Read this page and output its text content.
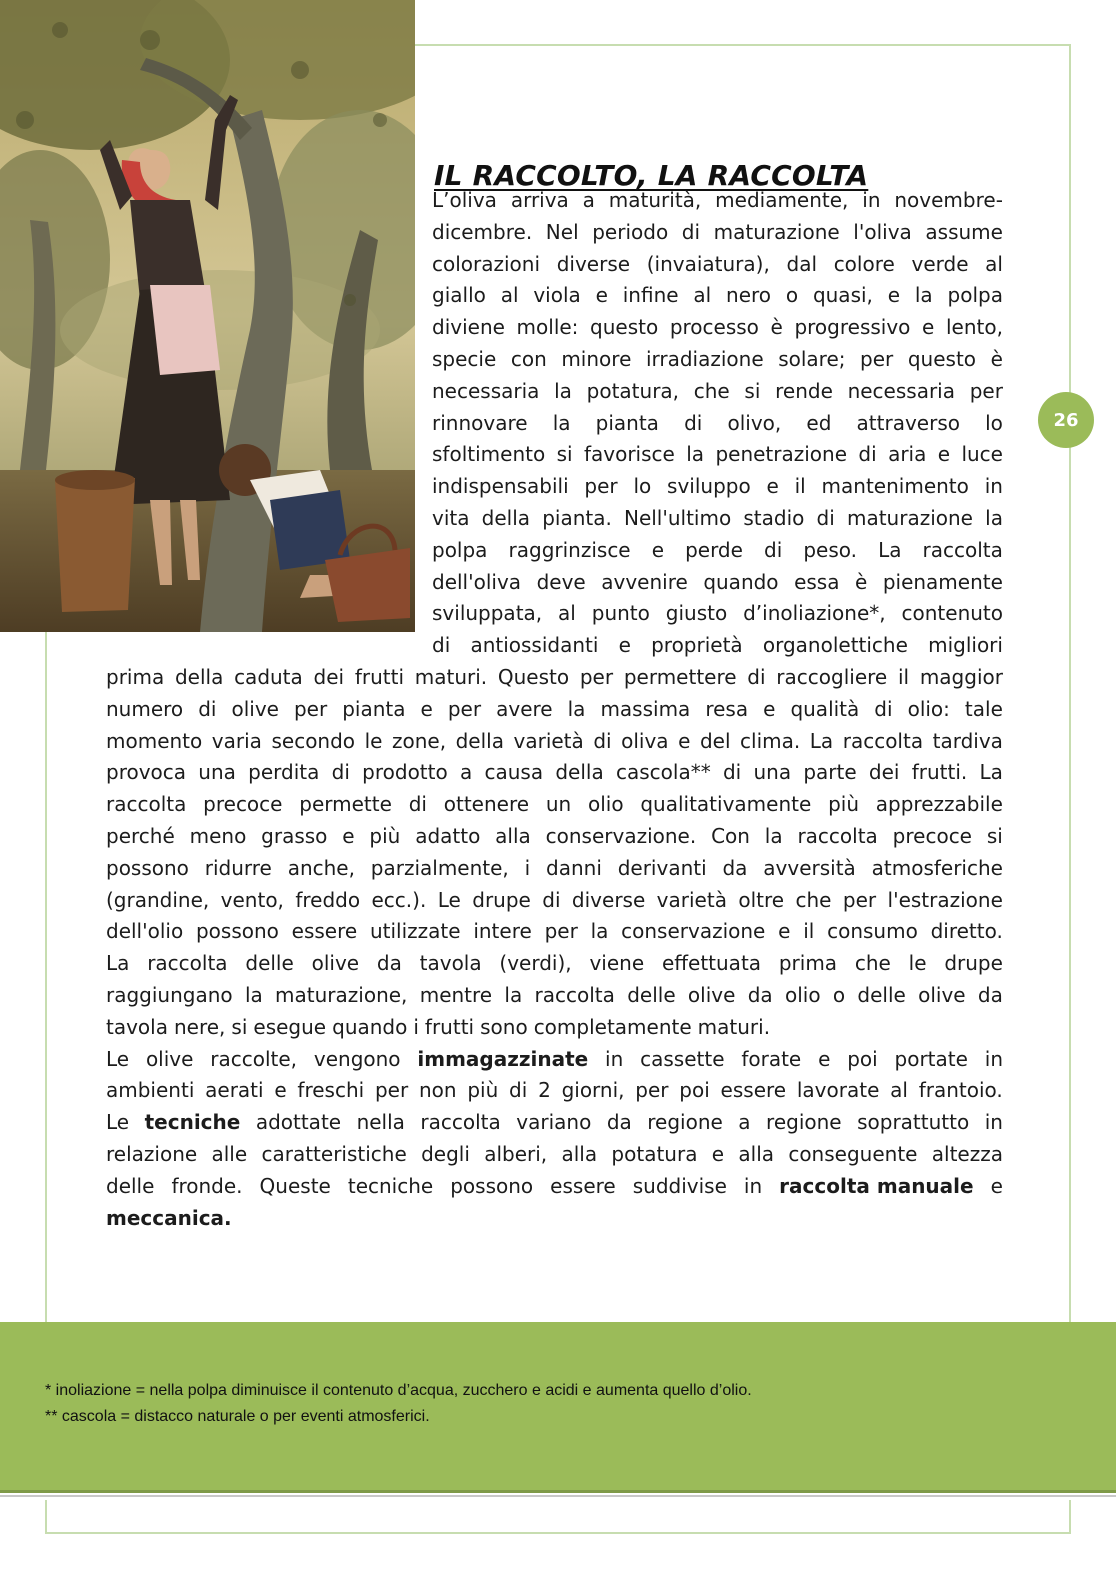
IL RACCOLTO, LA RACCOLTA
L’oliva arriva a maturità, mediamente, in novembre-
dicembre. Nel periodo di maturazione l'oliva assume
colorazioni diverse (invaiatura), dal colore verde al
giallo al viola e infine al nero o quasi, e la polpa
diviene molle: questo processo è progressivo e lento,
specie con minore irradiazione solare; per questo è
necessaria la potatura, che si rende necessaria per
rinnovare la pianta di olivo, ed attraverso lo
sfoltimento si favorisce la penetrazione di aria e luce
indispensabili per lo sviluppo e il mantenimento in
vita della pianta. Nell'ultimo stadio di maturazione la
polpa raggrinzisce e perde di peso. La raccolta
dell'oliva deve avvenire quando essa è pienamente
sviluppata, al punto giusto d’inoliazione*, contenuto
di antiossidanti e proprietà organolettiche migliori
prima della caduta dei frutti maturi. Questo per permettere di raccogliere il maggior
numero di olive per pianta e per avere la massima resa e qualità di olio: tale
momento varia secondo le zone, della varietà di oliva e del clima. La raccolta tardiva
provoca una perdita di prodotto a causa della cascola** di una parte dei frutti. La
raccolta precoce permette di ottenere un olio qualitativamente più apprezzabile
perché meno grasso e più adatto alla conservazione. Con la raccolta precoce si
possono ridurre anche, parzialmente, i danni derivanti da avversità atmosferiche
(grandine, vento, freddo ecc.). Le drupe di diverse varietà oltre che per l'estrazione
dell'olio possono essere utilizzate intere per la conservazione e il consumo diretto.
La raccolta delle olive da tavola (verdi), viene effettuata prima che le drupe
raggiungano la maturazione, mentre la raccolta delle olive da olio o delle olive da
tavola nere, si esegue quando i frutti sono completamente maturi.
Le olive raccolte, vengono immagazzinate in cassette forate e poi portate in
ambienti aerati e freschi per non più di 2 giorni, per poi essere lavorate al frantoio.
Le tecniche adottate nella raccolta variano da regione a regione soprattutto in
relazione alle caratteristiche degli alberi, alla potatura e alla conseguente altezza
delle fronde. Queste tecniche possono essere suddivise in raccolta manuale e
meccanica.
26
* inoliazione = nella polpa diminuisce il contenuto d’acqua, zucchero e acidi e aumenta quello d’olio.
** cascola = distacco naturale o per eventi atmosferici.
